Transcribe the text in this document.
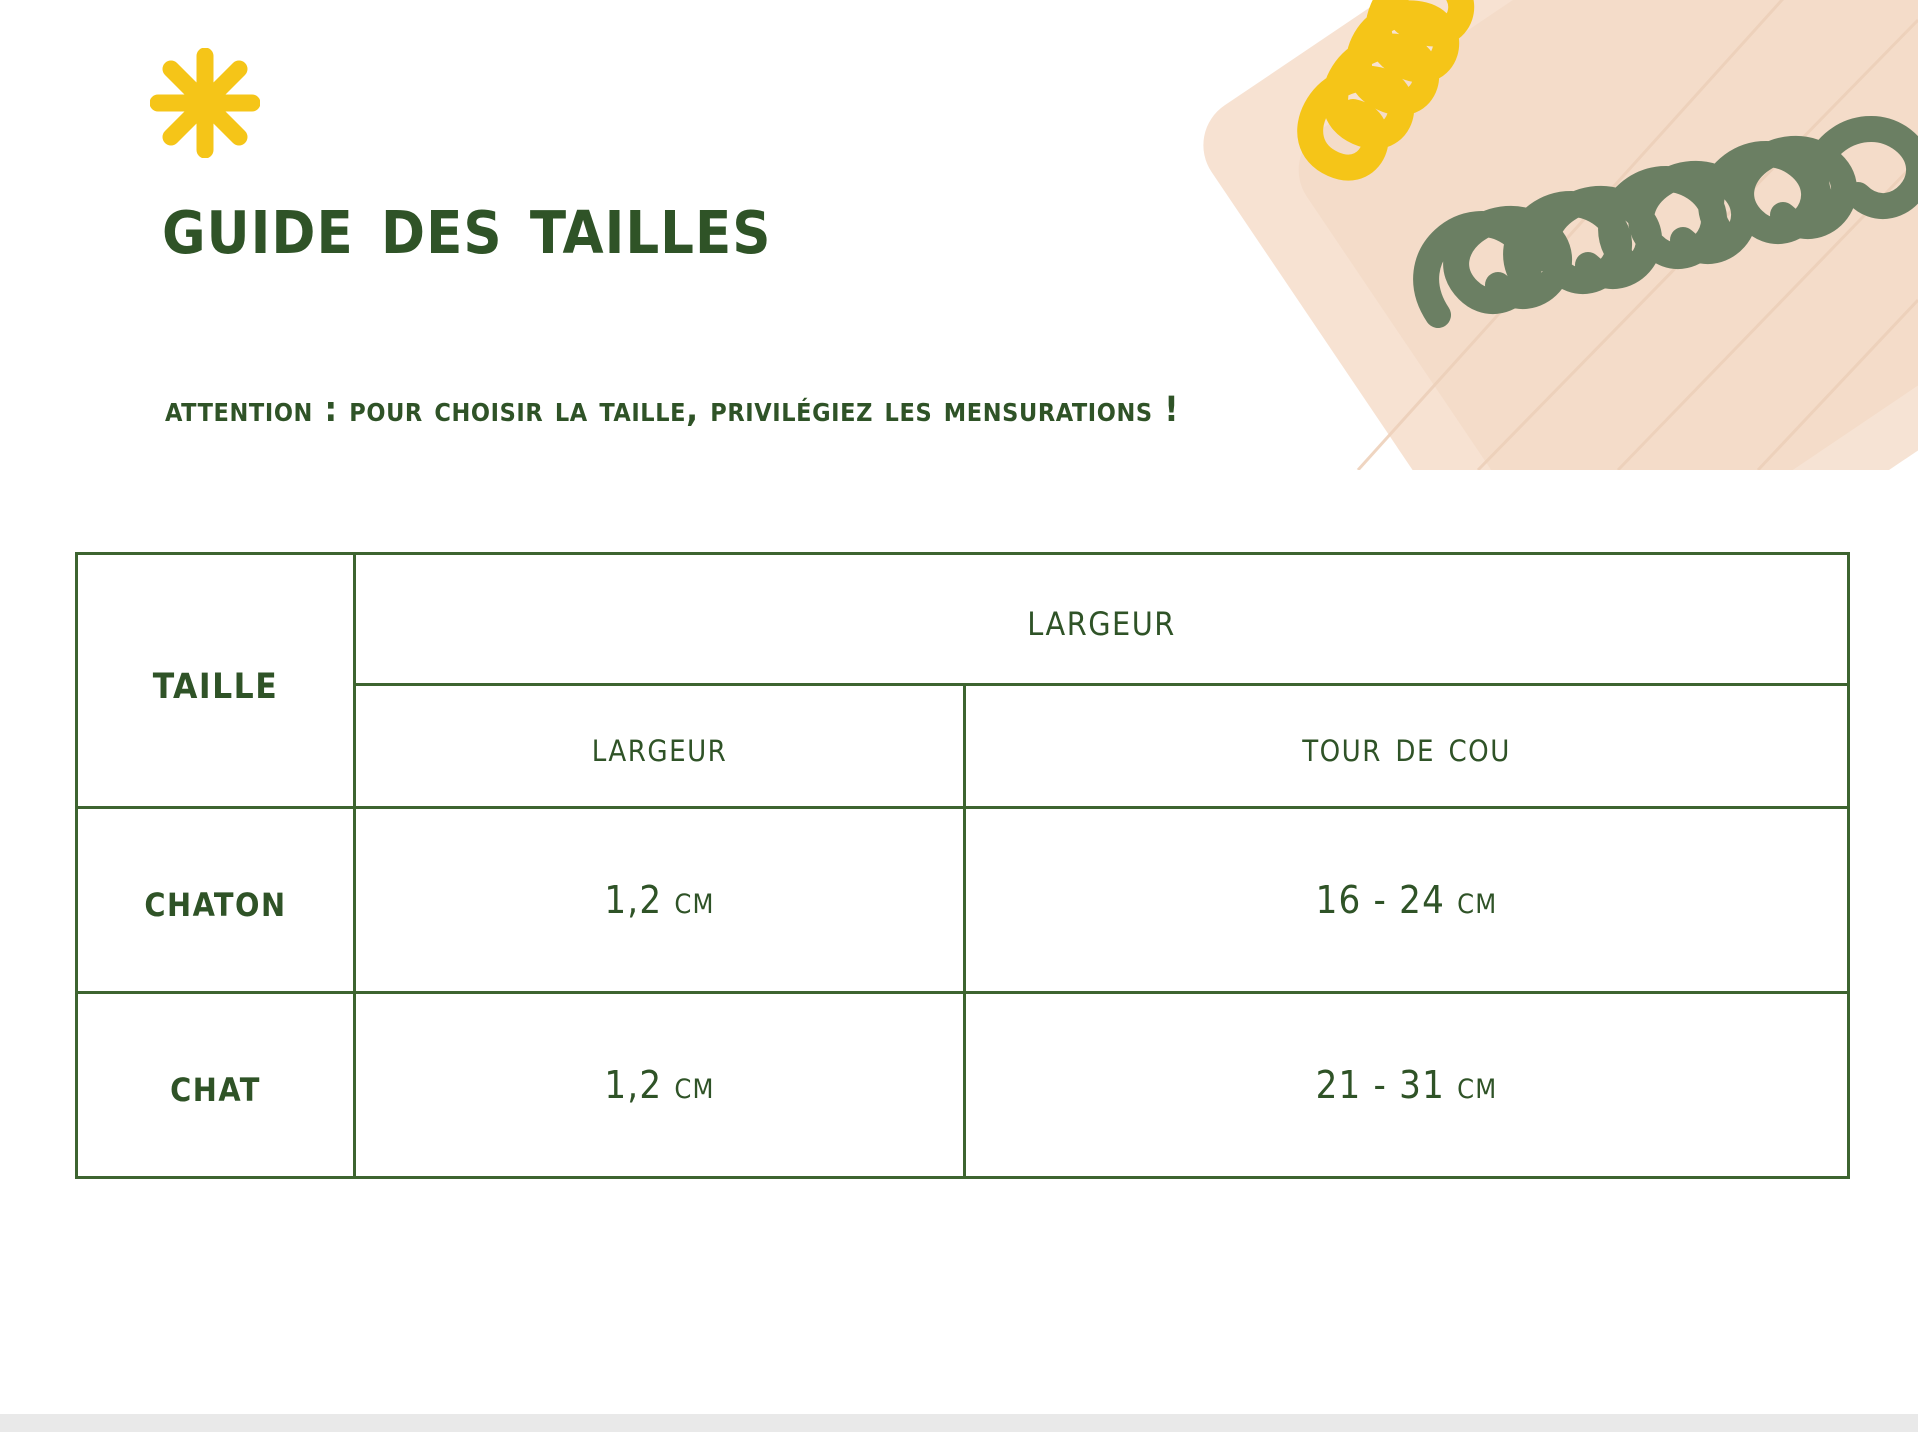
guide des tailles
attention : pour choisir la taille, privilégiez les mensurations !
taille	largeur	
	largeur	tour de cou
chaton	1,2 cm	16 - 24 cm
chat	1,2 cm	21 - 31 cm
